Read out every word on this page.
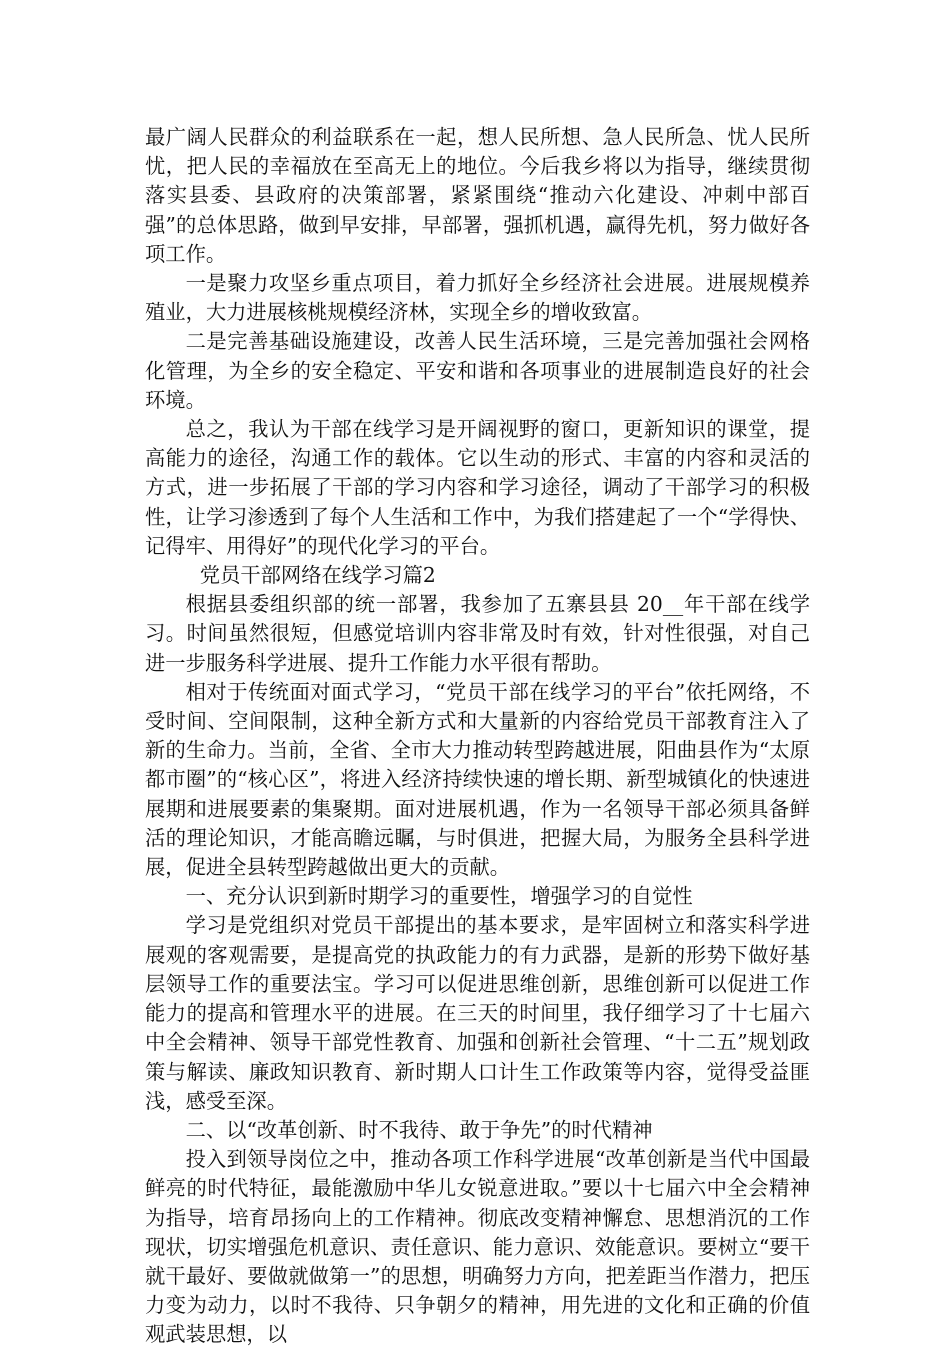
最广阔人民群众的利益联系在一起，想人民所想、急人民所急、忧人民所忧，把人民的幸福放在至高无上的地位。今后我乡将以为指导，继续贯彻落实县委、县政府的决策部署，紧紧围绕“推动六化建设、冲刺中部百强”的总体思路，做到早安排，早部署，强抓机遇，赢得先机，努力做好各项工作。

一是聚力攻坚乡重点项目，着力抓好全乡经济社会进展。进展规模养殖业，大力进展核桃规模经济林，实现全乡的增收致富。

二是完善基础设施建设，改善人民生活环境，三是完善加强社会网格化管理，为全乡的安全稳定、平安和谐和各项事业的进展制造良好的社会环境。

总之，我认为干部在线学习是开阔视野的窗口，更新知识的课堂，提高能力的途径，沟通工作的载体。它以生动的形式、丰富的内容和灵活的方式，进一步拓展了干部的学习内容和学习途径，调动了干部学习的积极性，让学习渗透到了每个人生活和工作中，为我们搭建起了一个“学得快、记得牢、用得好”的现代化学习的平台。

党员干部网络在线学习篇2

根据县委组织部的统一部署，我参加了五寨县县 20__年干部在线学习。时间虽然很短，但感觉培训内容非常及时有效，针对性很强，对自己进一步服务科学进展、提升工作能力水平很有帮助。

相对于传统面对面式学习，“党员干部在线学习的平台”依托网络，不受时间、空间限制，这种全新方式和大量新的内容给党员干部教育注入了新的生命力。当前，全省、全市大力推动转型跨越进展，阳曲县作为“太原都市圈”的“核心区”，将进入经济持续快速的增长期、新型城镇化的快速进展期和进展要素的集聚期。面对进展机遇，作为一名领导干部必须具备鲜活的理论知识，才能高瞻远瞩，与时俱进，把握大局，为服务全县科学进展，促进全县转型跨越做出更大的贡献。

一、充分认识到新时期学习的重要性，增强学习的自觉性

学习是党组织对党员干部提出的基本要求，是牢固树立和落实科学进展观的客观需要，是提高党的执政能力的有力武器，是新的形势下做好基层领导工作的重要法宝。学习可以促进思维创新，思维创新可以促进工作能力的提高和管理水平的进展。在三天的时间里，我仔细学习了十七届六中全会精神、领导干部党性教育、加强和创新社会管理、“十二五”规划政策与解读、廉政知识教育、新时期人口计生工作政策等内容，觉得受益匪浅，感受至深。

二、以“改革创新、时不我待、敢于争先”的时代精神

投入到领导岗位之中，推动各项工作科学进展“改革创新是当代中国最鲜亮的时代特征，最能激励中华儿女锐意进取。”要以十七届六中全会精神为指导，培育昂扬向上的工作精神。彻底改变精神懈怠、思想消沉的工作现状，切实增强危机意识、责任意识、能力意识、效能意识。要树立“要干就干最好、要做就做第一”的思想，明确努力方向，把差距当作潜力，把压力变为动力，以时不我待、只争朝夕的精神，用先进的文化和正确的价值观武装思想，以
